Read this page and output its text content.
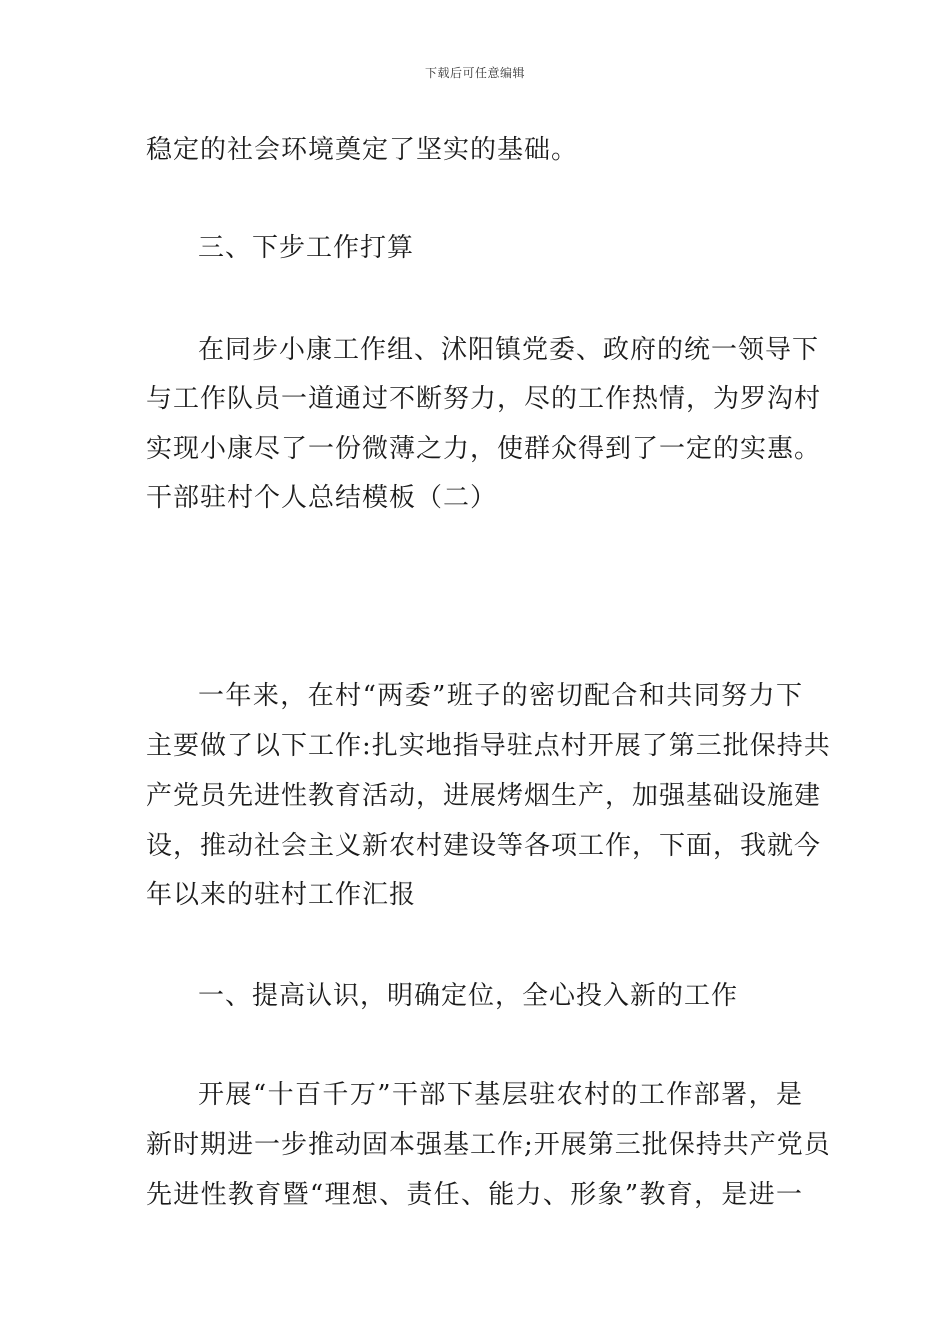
下载后可任意编辑
稳定的社会环境奠定了坚实的基础。
三、下步工作打算
在同步小康工作组、沭阳镇党委、政府的统一领导下
与工作队员一道通过不断努力，尽的工作热情，为罗沟村
实现小康尽了一份微薄之力，使群众得到了一定的实惠。
干部驻村个人总结模板（二）
一年来，在村“两委”班子的密切配合和共同努力下
主要做了以下工作:扎实地指导驻点村开展了第三批保持共
产党员先进性教育活动，进展烤烟生产，加强基础设施建
设，推动社会主义新农村建设等各项工作，下面，我就今
年以来的驻村工作汇报
一、提高认识，明确定位，全心投入新的工作
开展“十百千万”干部下基层驻农村的工作部署，是
新时期进一步推动固本强基工作;开展第三批保持共产党员
先进性教育暨“理想、责任、能力、形象”教育，是进一
